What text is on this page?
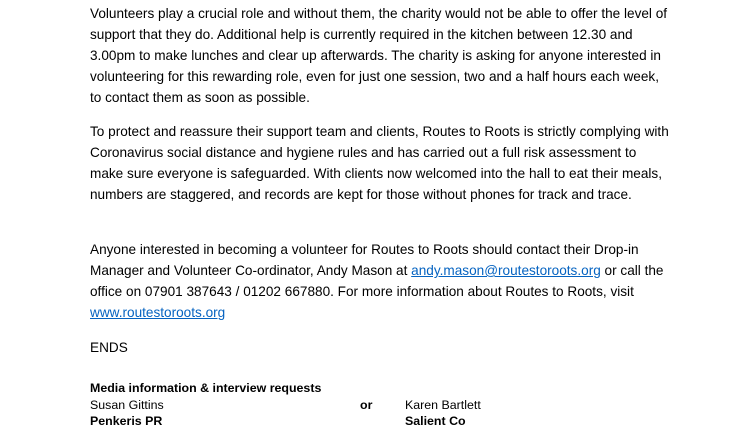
Volunteers play a crucial role and without them, the charity would not be able to offer the level of support that they do. Additional help is currently required in the kitchen between 12.30 and 3.00pm to make lunches and clear up afterwards. The charity is asking for anyone interested in volunteering for this rewarding role, even for just one session, two and a half hours each week, to contact them as soon as possible.

To protect and reassure their support team and clients, Routes to Roots is strictly complying with Coronavirus social distance and hygiene rules and has carried out a full risk assessment to make sure everyone is safeguarded. With clients now welcomed into the hall to eat their meals, numbers are staggered, and records are kept for those without phones for track and trace.

Anyone interested in becoming a volunteer for Routes to Roots should contact their Drop-in Manager and Volunteer Co-ordinator, Andy Mason at andy.mason@routestoroots.org or call the office on 07901 387643 / 01202 667880. For more information about Routes to Roots, visit www.routestoroots.org

ENDS

Media information & interview requests
Susan Gittins	or	Karen Bartlett
Penkeris PR	Salient Co
